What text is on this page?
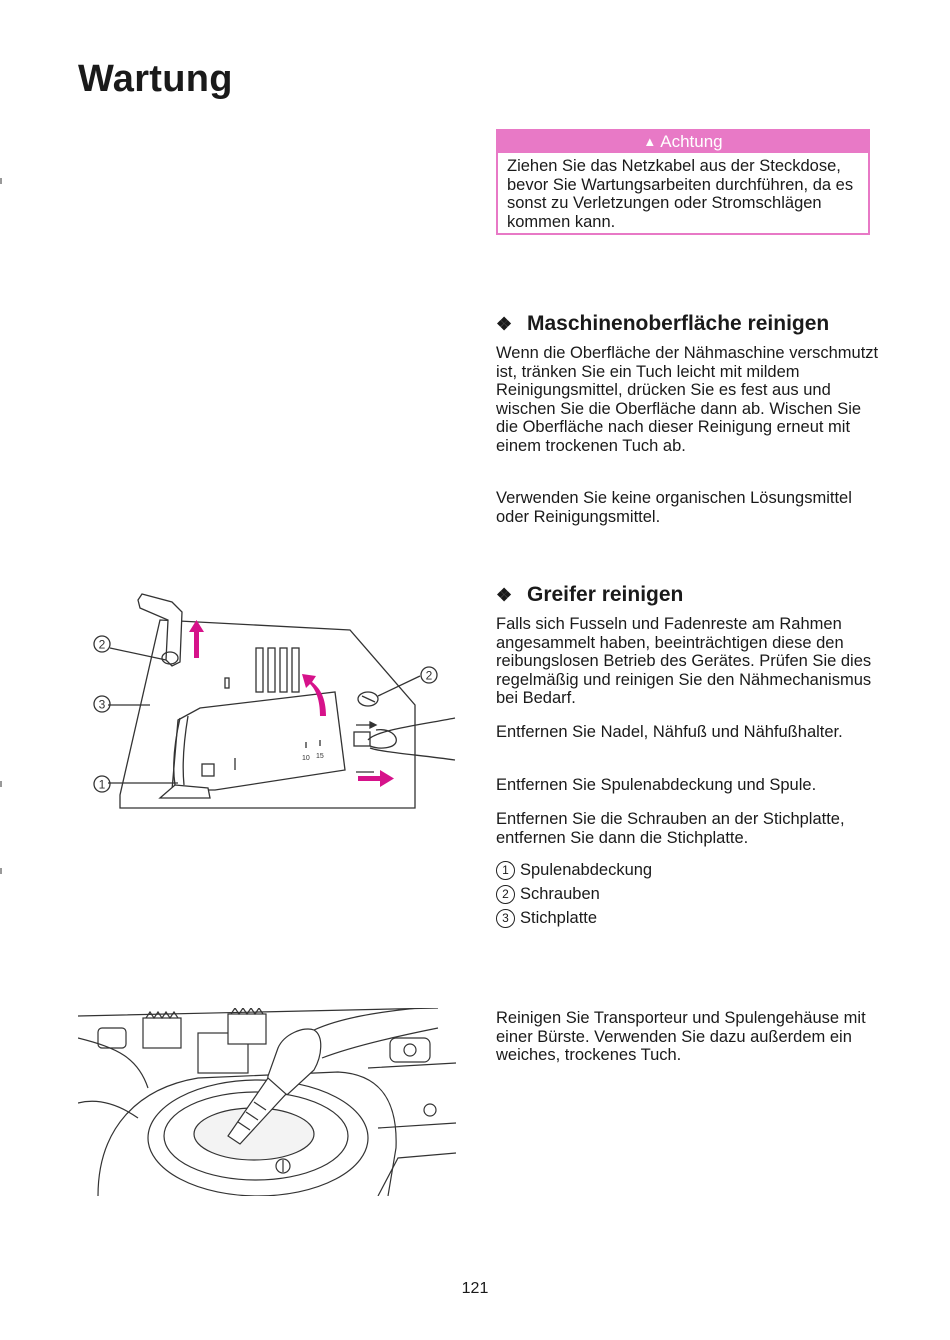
Wartung
▲ Achtung
Ziehen Sie das Netzkabel aus der Steckdose, bevor Sie Wartungsarbeiten durchführen, da es sonst zu Verletzungen oder Stromschlägen kommen kann.
❖ Maschinenoberfläche reinigen
Wenn die Oberfläche der Nähmaschine verschmutzt ist, tränken Sie ein Tuch leicht mit mildem Reinigungsmittel, drücken Sie es fest aus und wischen Sie die Oberfläche dann ab. Wischen Sie die Oberfläche nach dieser Reinigung erneut mit einem trockenen Tuch ab.
Verwenden Sie keine organischen Lösungsmittel oder Reinigungsmittel.
❖ Greifer reinigen
Falls sich Fusseln und Fadenreste am Rahmen angesammelt haben, beeinträchtigen diese den reibungslosen Betrieb des Gerätes. Prüfen Sie dies regelmäßig und reinigen Sie den Nähmechanismus bei Bedarf.
Entfernen Sie Nadel, Nähfuß und Nähfußhalter.
Entfernen Sie Spulenabdeckung und Spule.
Entfernen Sie die Schrauben an der Stichplatte, entfernen Sie dann die Stichplatte.
1 Spulenabdeckung
2 Schrauben
3 Stichplatte
Reinigen Sie Transporteur und Spulengehäuse mit einer Bürste. Verwenden Sie dazu außerdem ein weiches, trockenes Tuch.
121
2
3
1
2
10 15
